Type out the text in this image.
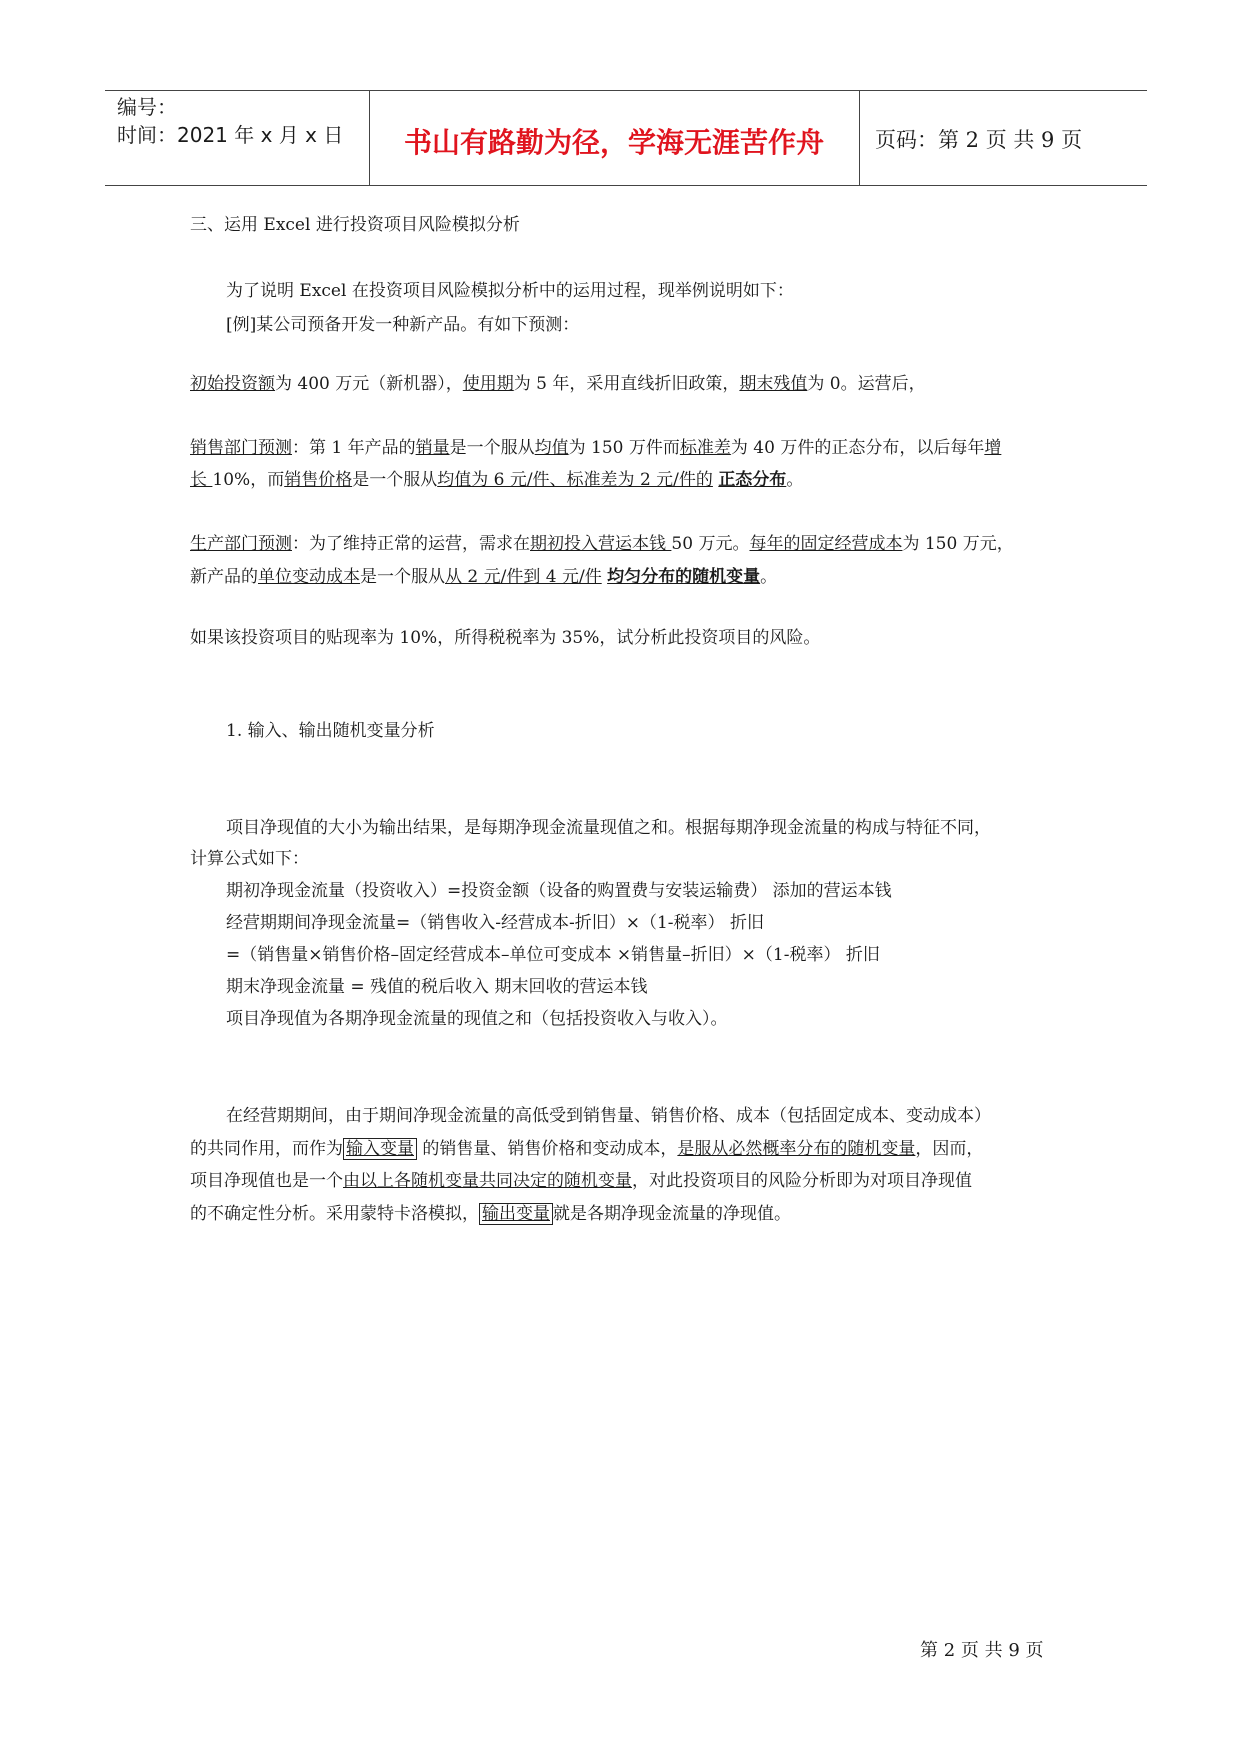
编号：
时间：2021 年 x 月 x 日	书山有路勤为径，学海无涯苦作舟	页码：第 2 页 共 9 页
三、运用 Excel 进行投资项目风险模拟分析
为了说明 Excel 在投资项目风险模拟分析中的运用过程，现举例说明如下：
[例]某公司预备开发一种新产品。有如下预测：
初始投资额为 400 万元（新机器），使用期为 5 年，采用直线折旧政策，期末残值为 0。运营后，
销售部门预测：第 1 年产品的销量是一个服从均值为 150 万件而标准差为 40 万件的正态分布，以后每年增
长 10%，而销售价格是一个服从均值为 6 元/件、标准差为 2 元/件的 正态分布。
生产部门预测：为了维持正常的运营，需求在期初投入营运本钱 50 万元。每年的固定经营成本为 150 万元，
新产品的单位变动成本是一个服从从 2 元/件到 4 元/件 均匀分布的随机变量。
如果该投资项目的贴现率为 10%，所得税税率为 35%，试分析此投资项目的风险。
1. 输入、输出随机变量分析
项目净现值的大小为输出结果，是每期净现金流量现值之和。根据每期净现金流量的构成与特征不同，
计算公式如下：
期初净现金流量（投资收入）=投资金额（设备的购置费与安装运输费） 添加的营运本钱
经营期期间净现金流量=（销售收入-经营成本-折旧）×（1-税率） 折旧
=（销售量×销售价格–固定经营成本–单位可变成本 ×销售量–折旧）×（1-税率） 折旧
期末净现金流量 = 残值的税后收入 期末回收的营运本钱
项目净现值为各期净现金流量的现值之和（包括投资收入与收入）。
在经营期期间，由于期间净现金流量的高低受到销售量、销售价格、成本（包括固定成本、变动成本）
的共同作用，而作为 输入变量 的销售量、销售价格和变动成本，是服从必然概率分布的随机变量，因而，
项目净现值也是一个由以上各随机变量共同决定的随机变量，对此投资项目的风险分析即为对项目净现值
的不确定性分析。采用蒙特卡洛模拟， 输出变量 就是各期净现金流量的净现值。
第 2 页 共 9 页
